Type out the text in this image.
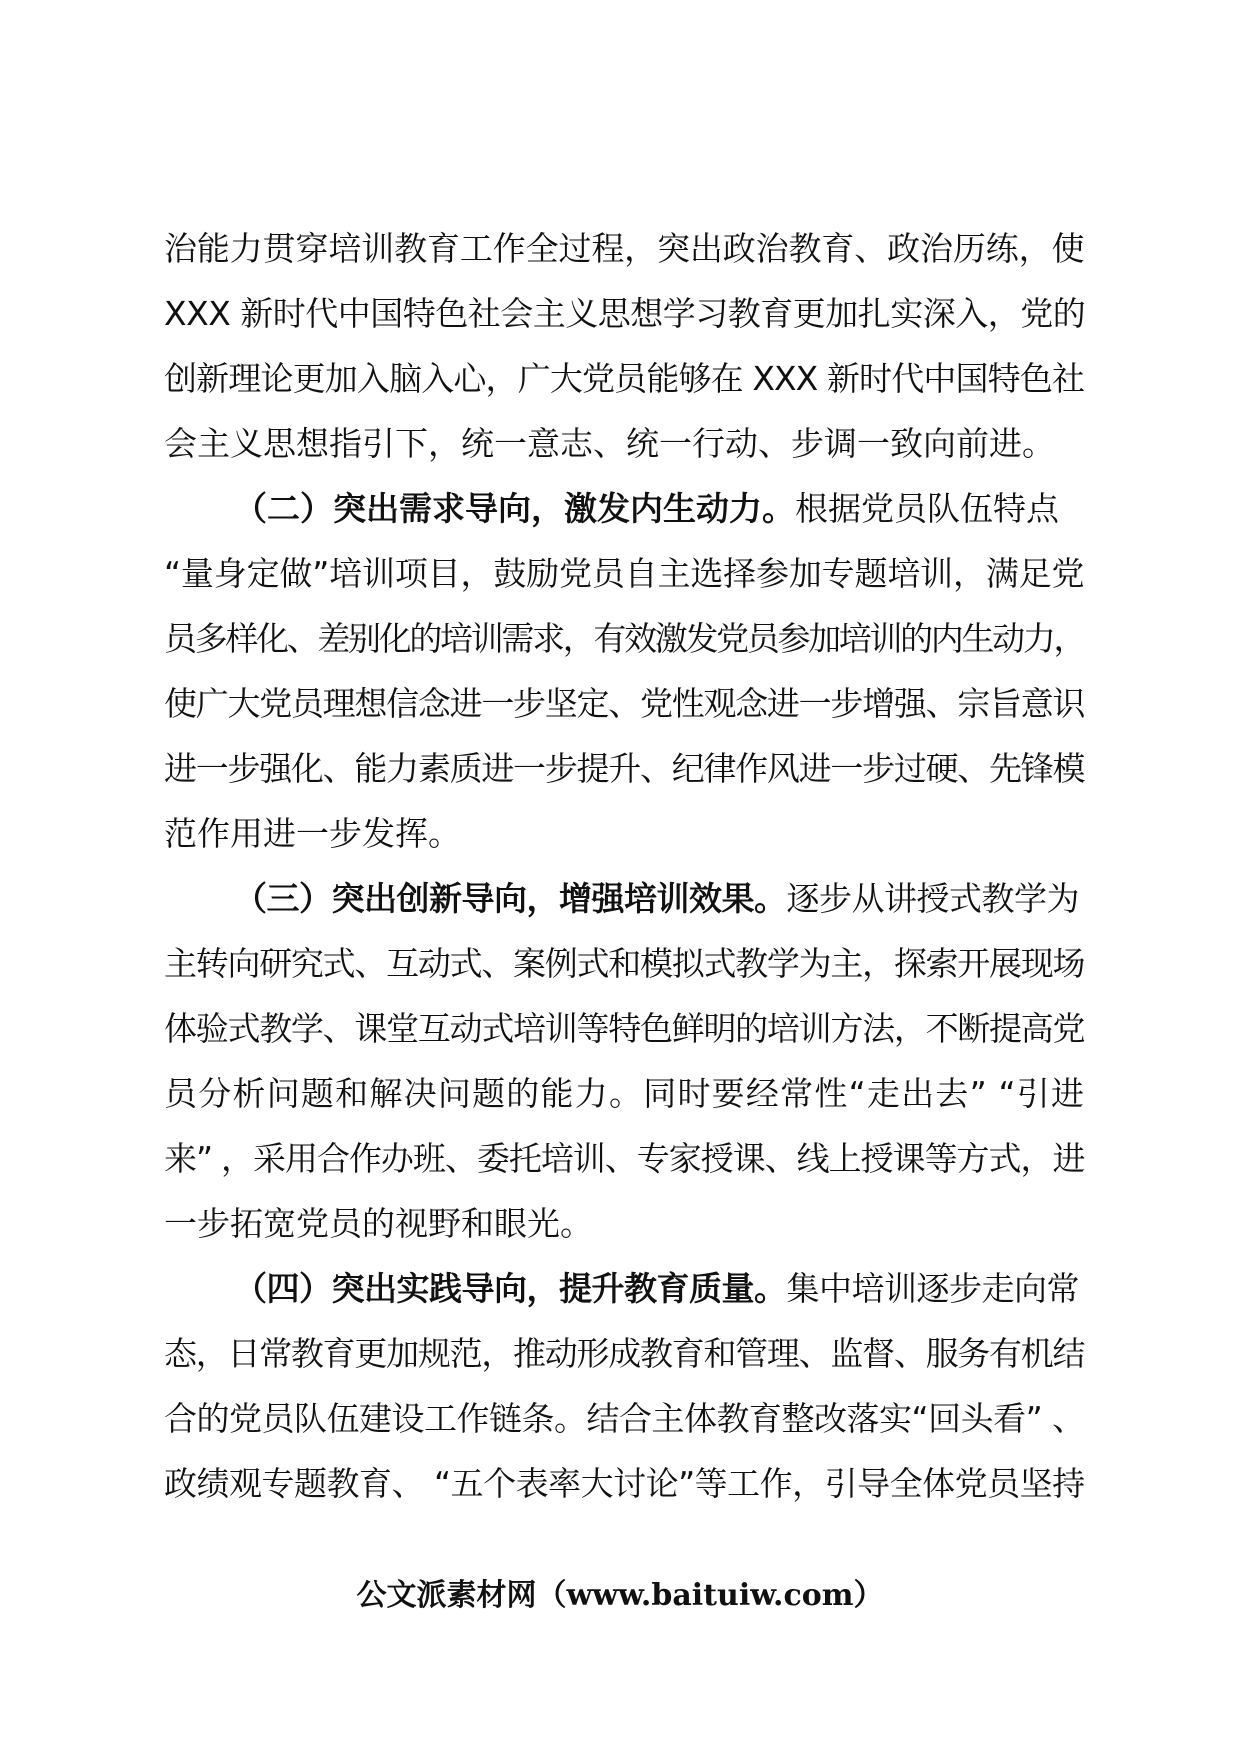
治能力贯穿培训教育工作全过程，突出政治教育、政治历练，使
XXX 新时代中国特色社会主义思想学习教育更加扎实深入，党的
创新理论更加入脑入心，广大党员能够在 XXX 新时代中国特色社
会主义思想指引下，统一意志、统一行动、步调一致向前进。
（二）突出需求导向，激发内生动力。根据党员队伍特点
“量身定做”培训项目，鼓励党员自主选择参加专题培训，满足党
员多样化、差别化的培训需求，有效激发党员参加培训的内生动力，
使广大党员理想信念进一步坚定、党性观念进一步增强、宗旨意识
进一步强化、能力素质进一步提升、纪律作风进一步过硬、先锋模
范作用进一步发挥。
（三）突出创新导向，增强培训效果。逐步从讲授式教学为
主转向研究式、互动式、案例式和模拟式教学为主，探索开展现场
体验式教学、课堂互动式培训等特色鲜明的培训方法，不断提高党
员分析问题和解决问题的能力。同时要经常性“走出去” “引进
来” ，采用合作办班、委托培训、专家授课、线上授课等方式，进
一步拓宽党员的视野和眼光。
（四）突出实践导向，提升教育质量。集中培训逐步走向常
态，日常教育更加规范，推动形成教育和管理、监督、服务有机结
合的党员队伍建设工作链条。结合主体教育整改落实“回头看” 、
政绩观专题教育、 “五个表率大讨论”等工作，引导全体党员坚持
公文派素材网（www.baituiw.com）
